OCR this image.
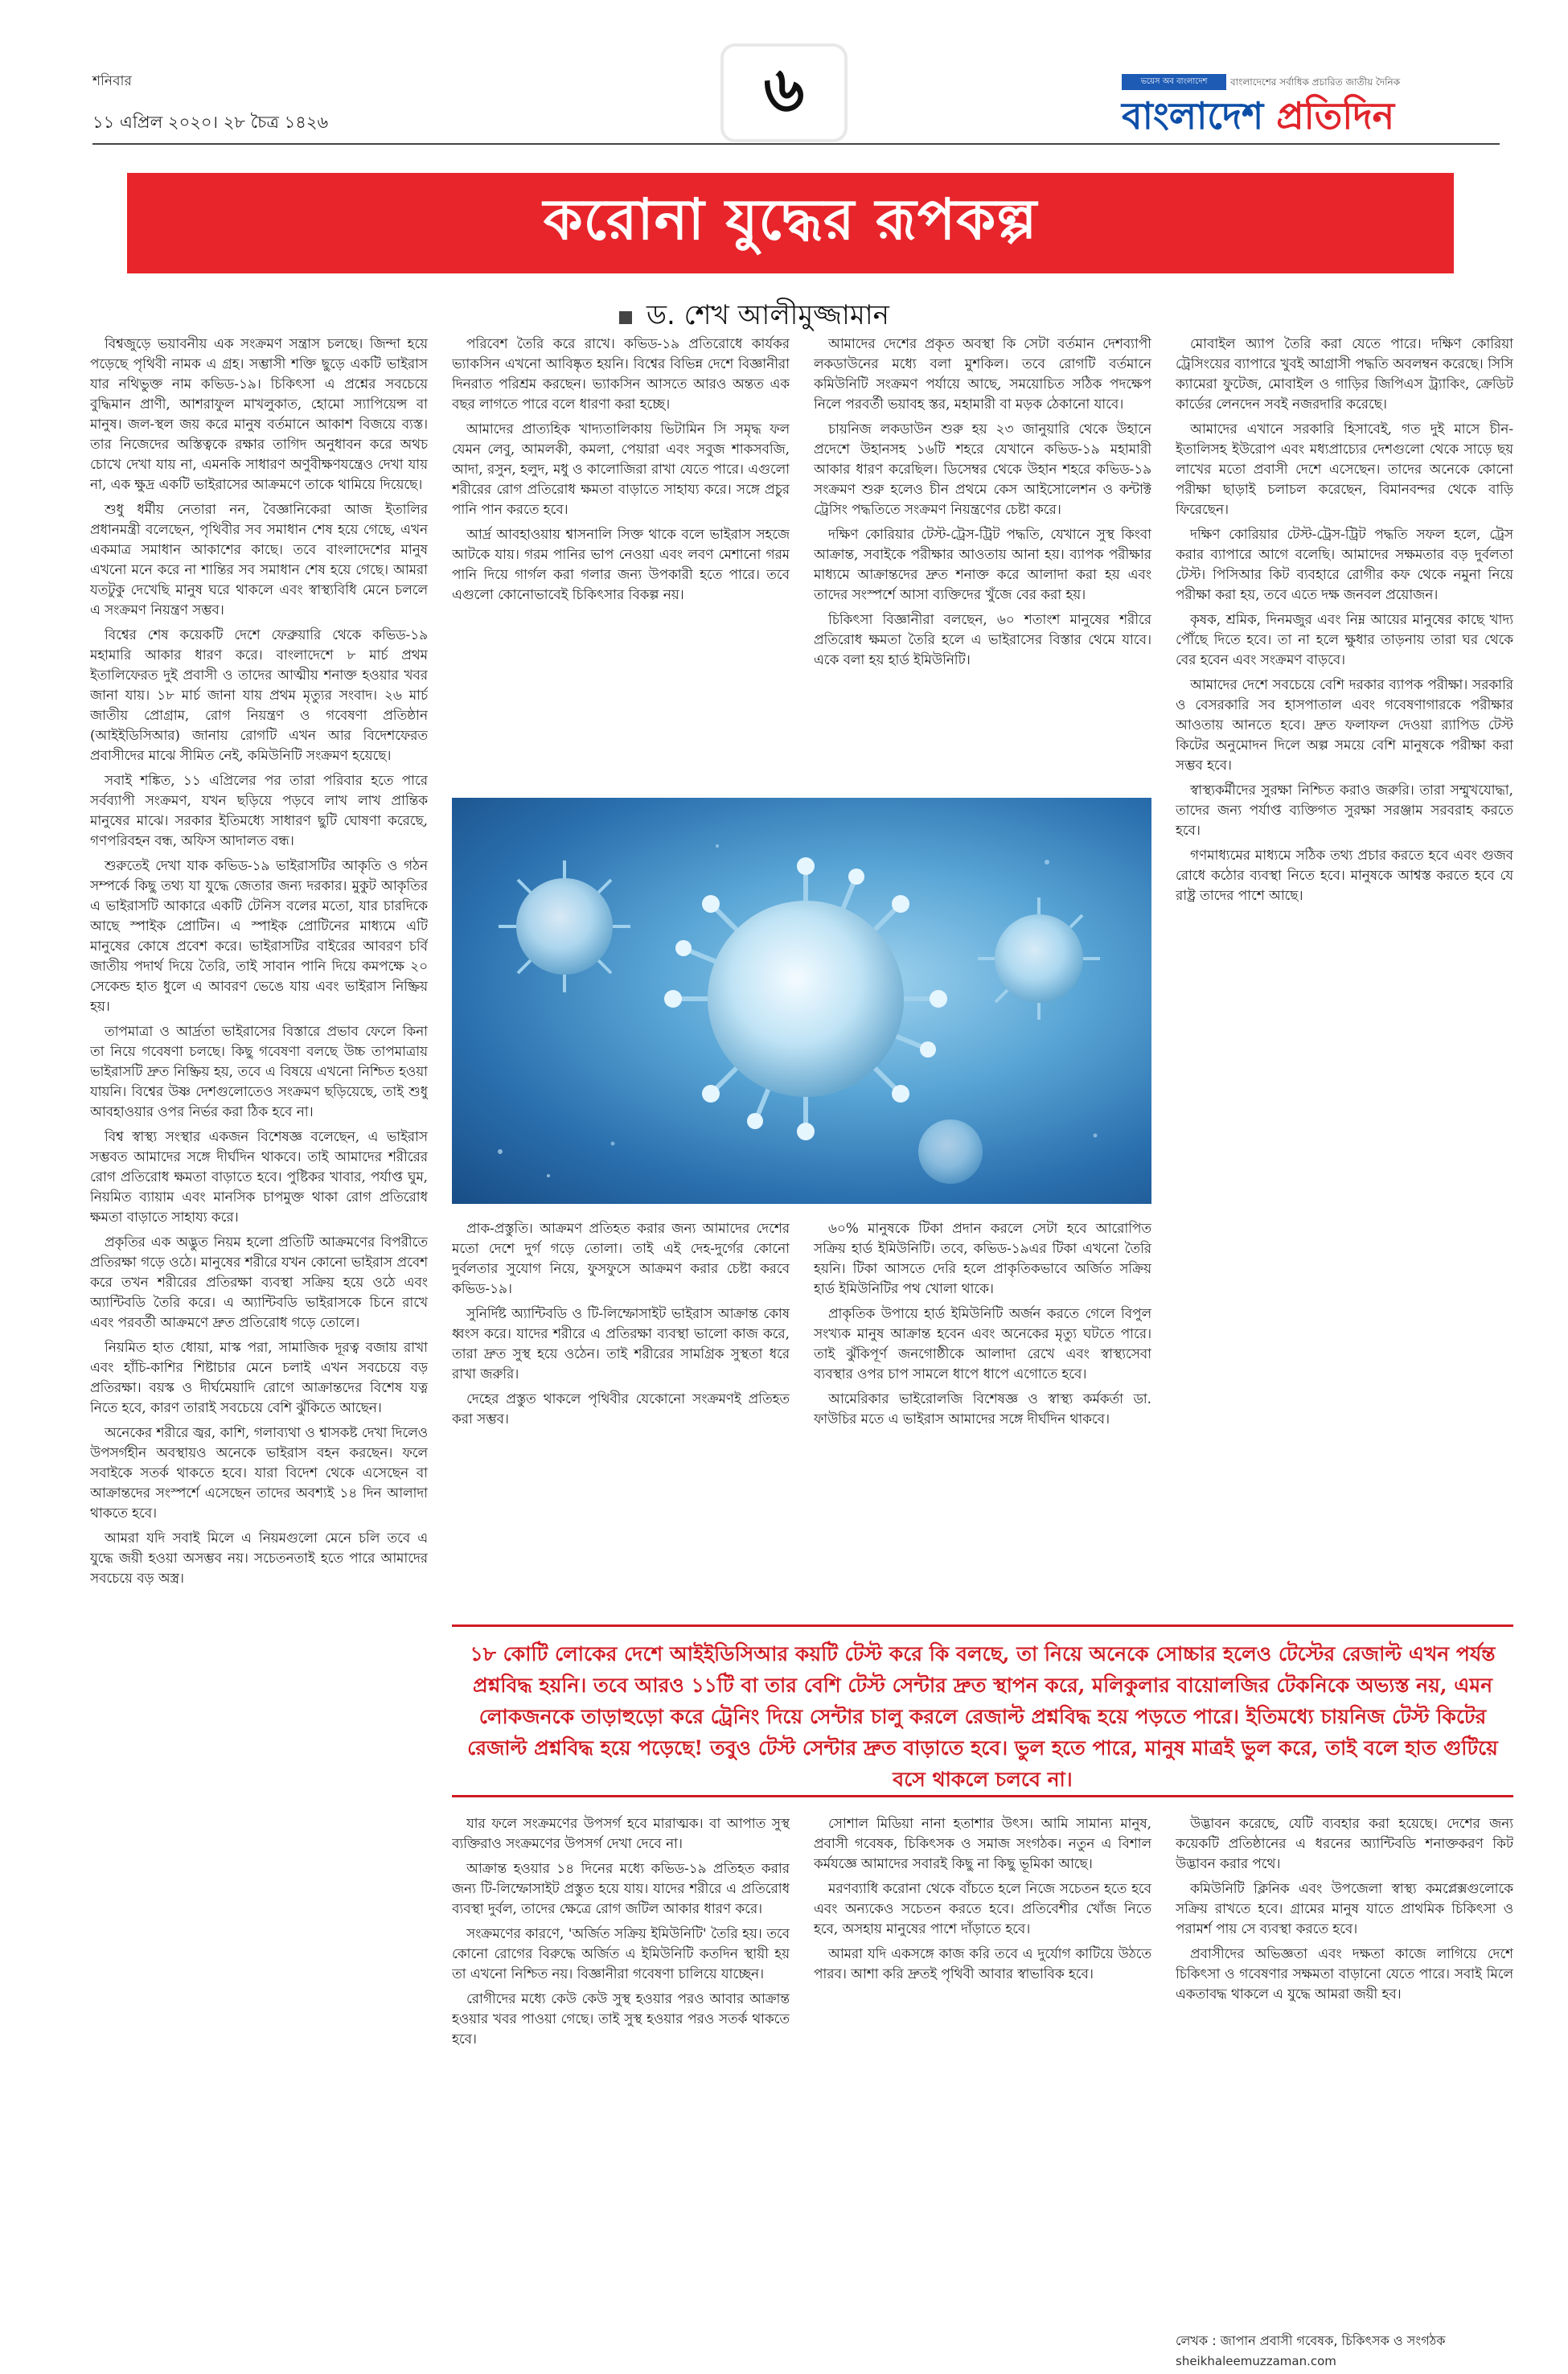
শনিবার
১১ এপ্রিল ২০২০। ২৮ চৈত্র ১৪২৬	৬	ভয়েস অব বাংলাদেশ	বাংলাদেশের সর্বাধিক প্রচারিত জাতীয় দৈনিক
বাংলাদেশ প্রতিদিন
করোনা যুদ্ধের রূপকল্প
ড. শেখ আলীমুজ্জামান

বিশ্বজুড়ে ভয়াবনীয় এক সংক্রমণ সন্ত্রাস চলছে। জিন্দা হয়ে পড়েছে পৃথিবী নামক এ গ্রহ। সম্ভাসী শক্তি ছুড়ে একটি ভাইরাস যার নথিভুক্ত নাম কভিড-১৯। চিকিৎসা এ প্রশ্নের সবচেয়ে বুদ্ধিমান প্রাণী, আশরাফুল মাখলুকাত, হোমো স্যাপিয়েন্স বা মানুষ। জল-স্থল জয় করে মানুষ বর্তমানে আকাশ বিজয়ে ব্যস্ত। তার নিজেদের অস্তিত্বকে রক্ষার তাগিদ অনুধাবন করে অথচ চোখে দেখা যায় না, এমনকি সাধারণ অণুবীক্ষণযন্ত্রেও দেখা যায় না, এক ক্ষুদ্র একটি ভাইরাসের আক্রমণে তাকে থামিয়ে দিয়েছে।

শুধু ধর্মীয় নেতারা নন, বৈজ্ঞানিকেরা আজ ইতালির প্রধানমন্ত্রী বলেছেন, পৃথিবীর সব সমাধান শেষ হয়ে গেছে, এখন একমাত্র সমাধান আকাশের কাছে। তবে বাংলাদেশের মানুষ এখনো মনে করে না শান্তির সব সমাধান শেষ হয়ে গেছে। আমরা যতটুকু দেখেছি মানুষ ঘরে থাকলে এবং স্বাস্থ্যবিধি মেনে চললে এ সংক্রমণ নিয়ন্ত্রণ সম্ভব।

বিশ্বের শেষ কয়েকটি দেশে ফেব্রুয়ারি থেকে কভিড-১৯ মহামারি আকার ধারণ করে। বাংলাদেশে ৮ মার্চ প্রথম ইতালিফেরত দুই প্রবাসী ও তাদের আত্মীয় শনাক্ত হওয়ার খবর জানা যায়। ১৮ মার্চ জানা যায় প্রথম মৃত্যুর সংবাদ। ২৬ মার্চ জাতীয় প্রোগ্রাম, রোগ নিয়ন্ত্রণ ও গবেষণা প্রতিষ্ঠান (আইইডিসিআর) জানায় রোগটি এখন আর বিদেশফেরত প্রবাসীদের মাঝে সীমিত নেই, কমিউনিটি সংক্রমণ হয়েছে।

সবাই শঙ্কিত, ১১ এপ্রিলের পর তারা পরিবার হতে পারে সর্বব্যাপী সংক্রমণ, যখন ছড়িয়ে পড়বে লাখ লাখ প্রান্তিক মানুষের মাঝে। সরকার ইতিমধ্যে সাধারণ ছুটি ঘোষণা করেছে, গণপরিবহন বন্ধ, অফিস আদালত বন্ধ।

শুরুতেই দেখা যাক কভিড-১৯ ভাইরাসটির আকৃতি ও গঠন সম্পর্কে কিছু তথ্য যা যুদ্ধে জেতার জন্য দরকার। মুকুট আকৃতির এ ভাইরাসটি আকারে একটি টেনিস বলের মতো, যার চারদিকে আছে স্পাইক প্রোটিন। এ স্পাইক প্রোটিনের মাধ্যমে এটি মানুষের কোষে প্রবেশ করে। ভাইরাসটির বাইরের আবরণ চর্বি জাতীয় পদার্থ দিয়ে তৈরি, তাই সাবান পানি দিয়ে কমপক্ষে ২০ সেকেন্ড হাত ধুলে এ আবরণ ভেঙে যায় এবং ভাইরাস নিষ্ক্রিয় হয়।

তাপমাত্রা ও আর্দ্রতা ভাইরাসের বিস্তারে প্রভাব ফেলে কিনা তা নিয়ে গবেষণা চলছে। কিছু গবেষণা বলছে উচ্চ তাপমাত্রায় ভাইরাসটি দ্রুত নিষ্ক্রিয় হয়, তবে এ বিষয়ে এখনো নিশ্চিত হওয়া যায়নি। বিশ্বের উষ্ণ দেশগুলোতেও সংক্রমণ ছড়িয়েছে, তাই শুধু আবহাওয়ার ওপর নির্ভর করা ঠিক হবে না।

বিশ্ব স্বাস্থ্য সংস্থার একজন বিশেষজ্ঞ বলেছেন, এ ভাইরাস সম্ভবত আমাদের সঙ্গে দীর্ঘদিন থাকবে। তাই আমাদের শরীরের রোগ প্রতিরোধ ক্ষমতা বাড়াতে হবে। পুষ্টিকর খাবার, পর্যাপ্ত ঘুম, নিয়মিত ব্যায়াম এবং মানসিক চাপমুক্ত থাকা রোগ প্রতিরোধ ক্ষমতা বাড়াতে সাহায্য করে।

প্রকৃতির এক অদ্ভুত নিয়ম হলো প্রতিটি আক্রমণের বিপরীতে প্রতিরক্ষা গড়ে ওঠে। মানুষের শরীরে যখন কোনো ভাইরাস প্রবেশ করে তখন শরীরের প্রতিরক্ষা ব্যবস্থা সক্রিয় হয়ে ওঠে এবং অ্যান্টিবডি তৈরি করে। এ অ্যান্টিবডি ভাইরাসকে চিনে রাখে এবং পরবর্তী আক্রমণে দ্রুত প্রতিরোধ গড়ে তোলে।

নিয়মিত হাত ধোয়া, মাস্ক পরা, সামাজিক দূরত্ব বজায় রাখা এবং হাঁচি-কাশির শিষ্টাচার মেনে চলাই এখন সবচেয়ে বড় প্রতিরক্ষা। বয়স্ক ও দীর্ঘমেয়াদি রোগে আক্রান্তদের বিশেষ যত্ন নিতে হবে, কারণ তারাই সবচেয়ে বেশি ঝুঁকিতে আছেন।

অনেকের শরীরে জ্বর, কাশি, গলাব্যথা ও শ্বাসকষ্ট দেখা দিলেও উপসর্গহীন অবস্থায়ও অনেকে ভাইরাস বহন করছেন। ফলে সবাইকে সতর্ক থাকতে হবে। যারা বিদেশ থেকে এসেছেন বা আক্রান্তদের সংস্পর্শে এসেছেন তাদের অবশ্যই ১৪ দিন আলাদা থাকতে হবে।

আমরা যদি সবাই মিলে এ নিয়মগুলো মেনে চলি তবে এ যুদ্ধে জয়ী হওয়া অসম্ভব নয়। সচেতনতাই হতে পারে আমাদের সবচেয়ে বড় অস্ত্র।

পরিবেশ তৈরি করে রাখে। কভিড-১৯ প্রতিরোধে কার্যকর ভ্যাকসিন এখনো আবিষ্কৃত হয়নি। বিশ্বের বিভিন্ন দেশে বিজ্ঞানীরা দিনরাত পরিশ্রম করছেন। ভ্যাকসিন আসতে আরও অন্তত এক বছর লাগতে পারে বলে ধারণা করা হচ্ছে।

আমাদের প্রাত্যহিক খাদ্যতালিকায় ভিটামিন সি সমৃদ্ধ ফল যেমন লেবু, আমলকী, কমলা, পেয়ারা এবং সবুজ শাকসবজি, আদা, রসুন, হলুদ, মধু ও কালোজিরা রাখা যেতে পারে। এগুলো শরীরের রোগ প্রতিরোধ ক্ষমতা বাড়াতে সাহায্য করে। সঙ্গে প্রচুর পানি পান করতে হবে।

আর্দ্র আবহাওয়ায় শ্বাসনালি সিক্ত থাকে বলে ভাইরাস সহজে আটকে যায়। গরম পানির ভাপ নেওয়া এবং লবণ মেশানো গরম পানি দিয়ে গার্গল করা গলার জন্য উপকারী হতে পারে। তবে এগুলো কোনোভাবেই চিকিৎসার বিকল্প নয়।

আমাদের দেশের প্রকৃত অবস্থা কি সেটা বর্তমান দেশব্যাপী লকডাউনের মধ্যে বলা মুশকিল। তবে রোগটি বর্তমানে কমিউনিটি সংক্রমণ পর্যায়ে আছে, সময়োচিত সঠিক পদক্ষেপ নিলে পরবর্তী ভয়াবহ স্তর, মহামারী বা মড়ক ঠেকানো যাবে।

চায়নিজ লকডাউন শুরু হয় ২৩ জানুয়ারি থেকে উহানে প্রদেশে উহানসহ ১৬টি শহরে যেখানে কভিড-১৯ মহামারী আকার ধারণ করেছিল। ডিসেম্বর থেকে উহান শহরে কভিড-১৯ সংক্রমণ শুরু হলেও চীন প্রথমে কেস আইসোলেশন ও কন্টাক্ট ট্রেসিং পদ্ধতিতে সংক্রমণ নিয়ন্ত্রণের চেষ্টা করে।

দক্ষিণ কোরিয়ার টেস্ট-ট্রেস-ট্রিট পদ্ধতি, যেখানে সুস্থ কিংবা আক্রান্ত, সবাইকে পরীক্ষার আওতায় আনা হয়। ব্যাপক পরীক্ষার মাধ্যমে আক্রান্তদের দ্রুত শনাক্ত করে আলাদা করা হয় এবং তাদের সংস্পর্শে আসা ব্যক্তিদের খুঁজে বের করা হয়।

চিকিৎসা বিজ্ঞানীরা বলছেন, ৬০ শতাংশ মানুষের শরীরে প্রতিরোধ ক্ষমতা তৈরি হলে এ ভাইরাসের বিস্তার থেমে যাবে। একে বলা হয় হার্ড ইমিউনিটি।

মোবাইল অ্যাপ তৈরি করা যেতে পারে। দক্ষিণ কোরিয়া ট্রেসিংয়ের ব্যাপারে খুবই আগ্রাসী পদ্ধতি অবলম্বন করেছে। সিসি ক্যামেরা ফুটেজ, মোবাইল ও গাড়ির জিপিএস ট্র্যাকিং, ক্রেডিট কার্ডের লেনদেন সবই নজরদারি করেছে।

আমাদের এখানে সরকারি হিসাবেই, গত দুই মাসে চীন-ইতালিসহ ইউরোপ এবং মধ্যপ্রাচ্যের দেশগুলো থেকে সাড়ে ছয় লাখের মতো প্রবাসী দেশে এসেছেন। তাদের অনেকে কোনো পরীক্ষা ছাড়াই চলাচল করেছেন, বিমানবন্দর থেকে বাড়ি ফিরেছেন।

দক্ষিণ কোরিয়ার টেস্ট-ট্রেস-ট্রিট পদ্ধতি সফল হলে, ট্রেস করার ব্যাপারে আগে বলেছি। আমাদের সক্ষমতার বড় দুর্বলতা টেস্ট। পিসিআর কিট ব্যবহারে রোগীর কফ থেকে নমুনা নিয়ে পরীক্ষা করা হয়, তবে এতে দক্ষ জনবল প্রয়োজন।

কৃষক, শ্রমিক, দিনমজুর এবং নিম্ন আয়ের মানুষের কাছে খাদ্য পৌঁছে দিতে হবে। তা না হলে ক্ষুধার তাড়নায় তারা ঘর থেকে বের হবেন এবং সংক্রমণ বাড়বে।

আমাদের দেশে সবচেয়ে বেশি দরকার ব্যাপক পরীক্ষা। সরকারি ও বেসরকারি সব হাসপাতাল এবং গবেষণাগারকে পরীক্ষার আওতায় আনতে হবে। দ্রুত ফলাফল দেওয়া র‌্যাপিড টেস্ট কিটের অনুমোদন দিলে অল্প সময়ে বেশি মানুষকে পরীক্ষা করা সম্ভব হবে।

স্বাস্থ্যকর্মীদের সুরক্ষা নিশ্চিত করাও জরুরি। তারা সম্মুখযোদ্ধা, তাদের জন্য পর্যাপ্ত ব্যক্তিগত সুরক্ষা সরঞ্জাম সরবরাহ করতে হবে।

গণমাধ্যমের মাধ্যমে সঠিক তথ্য প্রচার করতে হবে এবং গুজব রোধে কঠোর ব্যবস্থা নিতে হবে। মানুষকে আশ্বস্ত করতে হবে যে রাষ্ট্র তাদের পাশে আছে।

প্রাক-প্রস্তুতি। আক্রমণ প্রতিহত করার জন্য আমাদের দেশের মতো দেশে দুর্গ গড়ে তোলা। তাই এই দেহ-দুর্গের কোনো দুর্বলতার সুযোগ নিয়ে, ফুসফুসে আক্রমণ করার চেষ্টা করবে কভিড-১৯।

সুনির্দিষ্ট অ্যান্টিবডি ও টি-লিম্ফোসাইট ভাইরাস আক্রান্ত কোষ ধ্বংস করে। যাদের শরীরে এ প্রতিরক্ষা ব্যবস্থা ভালো কাজ করে, তারা দ্রুত সুস্থ হয়ে ওঠেন। তাই শরীরের সামগ্রিক সুস্থতা ধরে রাখা জরুরি।

দেহের প্রস্তুত থাকলে পৃথিবীর যেকোনো সংক্রমণই প্রতিহত করা সম্ভব।

৬০% মানুষকে টিকা প্রদান করলে সেটা হবে আরোপিত সক্রিয় হার্ড ইমিউনিটি। তবে, কভিড-১৯এর টিকা এখনো তৈরি হয়নি। টিকা আসতে দেরি হলে প্রাকৃতিকভাবে অর্জিত সক্রিয় হার্ড ইমিউনিটির পথ খোলা থাকে।

প্রাকৃতিক উপায়ে হার্ড ইমিউনিটি অর্জন করতে গেলে বিপুল সংখ্যক মানুষ আক্রান্ত হবেন এবং অনেকের মৃত্যু ঘটতে পারে। তাই ঝুঁকিপূর্ণ জনগোষ্ঠীকে আলাদা রেখে এবং স্বাস্থ্যসেবা ব্যবস্থার ওপর চাপ সামলে ধাপে ধাপে এগোতে হবে।

আমেরিকার ভাইরোলজি বিশেষজ্ঞ ও স্বাস্থ্য কর্মকর্তা ডা. ফাউচির মতে এ ভাইরাস আমাদের সঙ্গে দীর্ঘদিন থাকবে।

১৮ কোটি লোকের দেশে আইইডিসিআর কয়টি টেস্ট করে কি বলছে, তা নিয়ে অনেকে সোচ্চার হলেও টেস্টের রেজাল্ট এখন পর্যন্ত প্রশ্নবিদ্ধ হয়নি। তবে আরও ১১টি বা তার বেশি টেস্ট সেন্টার দ্রুত স্থাপন করে, মলিকুলার বায়োলজির টেকনিকে অভ্যস্ত নয়, এমন লোকজনকে তাড়াহুড়ো করে ট্রেনিং দিয়ে সেন্টার চালু করলে রেজাল্ট প্রশ্নবিদ্ধ হয়ে পড়তে পারে। ইতিমধ্যে চায়নিজ টেস্ট কিটের রেজাল্ট প্রশ্নবিদ্ধ হয়ে পড়েছে! তবুও টেস্ট সেন্টার দ্রুত বাড়াতে হবে। ভুল হতে পারে, মানুষ মাত্রই ভুল করে, তাই বলে হাত গুটিয়ে বসে থাকলে চলবে না।

যার ফলে সংক্রমণের উপসর্গ হবে মারাত্মক। বা আপাত সুস্থ ব্যক্তিরাও সংক্রমণের উপসর্গ দেখা দেবে না।

আক্রান্ত হওয়ার ১৪ দিনের মধ্যে কভিড-১৯ প্রতিহত করার জন্য টি-লিম্ফোসাইট প্রস্তুত হয়ে যায়। যাদের শরীরে এ প্রতিরোধ ব্যবস্থা দুর্বল, তাদের ক্ষেত্রে রোগ জটিল আকার ধারণ করে।

সংক্রমণের কারণে, 'অর্জিত সক্রিয় ইমিউনিটি' তৈরি হয়। তবে কোনো রোগের বিরুদ্ধে অর্জিত এ ইমিউনিটি কতদিন স্থায়ী হয় তা এখনো নিশ্চিত নয়। বিজ্ঞানীরা গবেষণা চালিয়ে যাচ্ছেন।

রোগীদের মধ্যে কেউ কেউ সুস্থ হওয়ার পরও আবার আক্রান্ত হওয়ার খবর পাওয়া গেছে। তাই সুস্থ হওয়ার পরও সতর্ক থাকতে হবে।

সোশাল মিডিয়া নানা হতাশার উৎস। আমি সামান্য মানুষ, প্রবাসী গবেষক, চিকিৎসক ও সমাজ সংগঠক। নতুন এ বিশাল কর্মযজ্ঞে আমাদের সবারই কিছু না কিছু ভূমিকা আছে।

মরণব্যাধি করোনা থেকে বাঁচতে হলে নিজে সচেতন হতে হবে এবং অন্যকেও সচেতন করতে হবে। প্রতিবেশীর খোঁজ নিতে হবে, অসহায় মানুষের পাশে দাঁড়াতে হবে।

আমরা যদি একসঙ্গে কাজ করি তবে এ দুর্যোগ কাটিয়ে উঠতে পারব। আশা করি দ্রুতই পৃথিবী আবার স্বাভাবিক হবে।

উদ্ভাবন করেছে, যেটি ব্যবহার করা হয়েছে। দেশের জন্য কয়েকটি প্রতিষ্ঠানের এ ধরনের অ্যান্টিবডি শনাক্তকরণ কিট উদ্ভাবন করার পথে।

কমিউনিটি ক্লিনিক এবং উপজেলা স্বাস্থ্য কমপ্লেক্সগুলোকে সক্রিয় রাখতে হবে। গ্রামের মানুষ যাতে প্রাথমিক চিকিৎসা ও পরামর্শ পায় সে ব্যবস্থা করতে হবে।

প্রবাসীদের অভিজ্ঞতা এবং দক্ষতা কাজে লাগিয়ে দেশে চিকিৎসা ও গবেষণার সক্ষমতা বাড়ানো যেতে পারে। সবাই মিলে একতাবদ্ধ থাকলে এ যুদ্ধে আমরা জয়ী হব।

লেখক : জাপান প্রবাসী গবেষক, চিকিৎসক ও সংগঠক
sheikhaleemuzzaman.com
